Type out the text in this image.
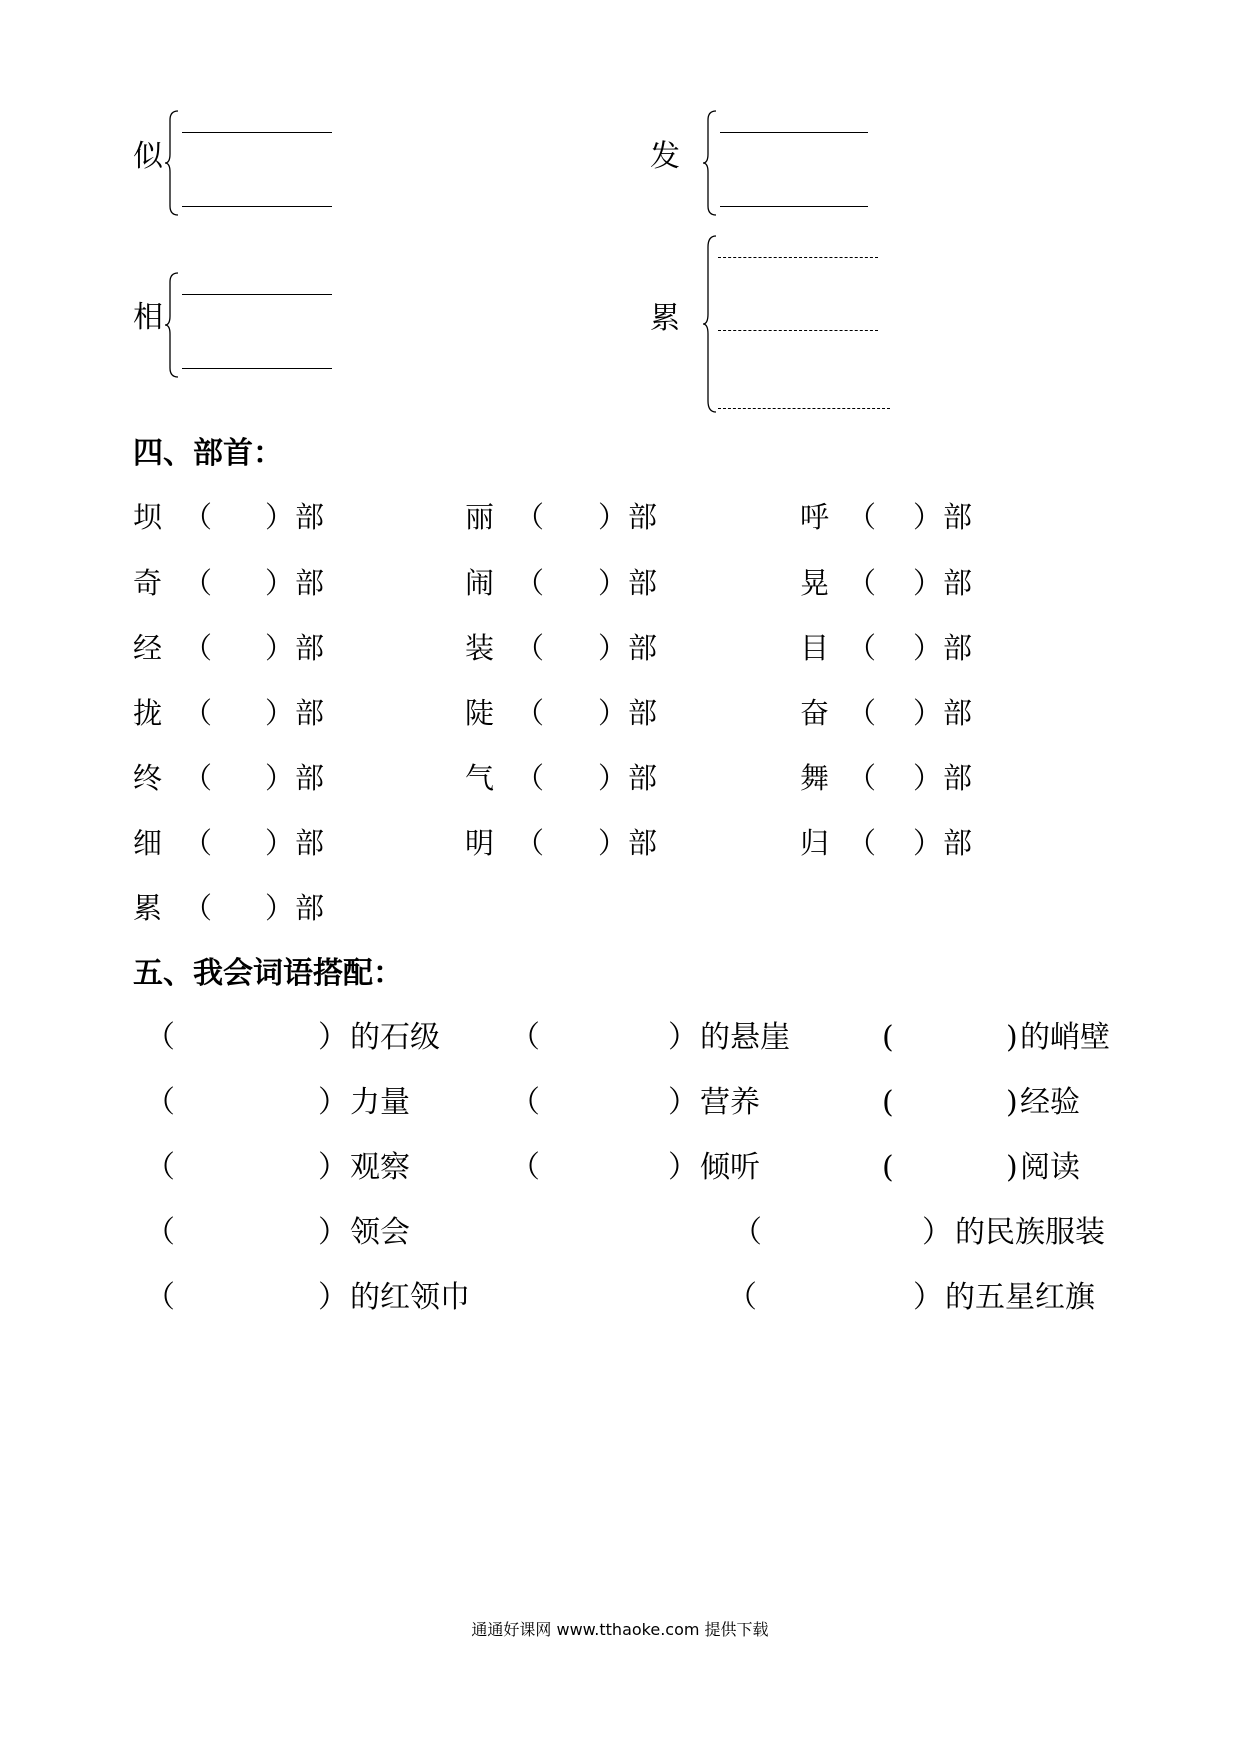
似	发
相	累
四、部首：
坝 （ ） 部	丽 （ ） 部	呼 （ ） 部
奇 （ ） 部	闹 （ ） 部	晃 （ ） 部
经 （ ） 部	装 （ ） 部	目 （ ） 部
拢 （ ） 部	陡 （ ） 部	奋 （ ） 部
终 （ ） 部	气 （ ） 部	舞 （ ） 部
细 （ ） 部	明 （ ） 部	归 （ ） 部
累 （ ） 部
五、我会词语搭配：
（	） 的石级 （	） 的悬崖	(	) 的峭壁
（	） 力量	（	） 营养	(	) 经验
（	） 观察	（	） 倾听	(	) 阅读
（	） 领会	（	） 的民族服装
（	） 的红领巾	（	） 的五星红旗
通通好课网 www.tthaoke.com 提供下载
